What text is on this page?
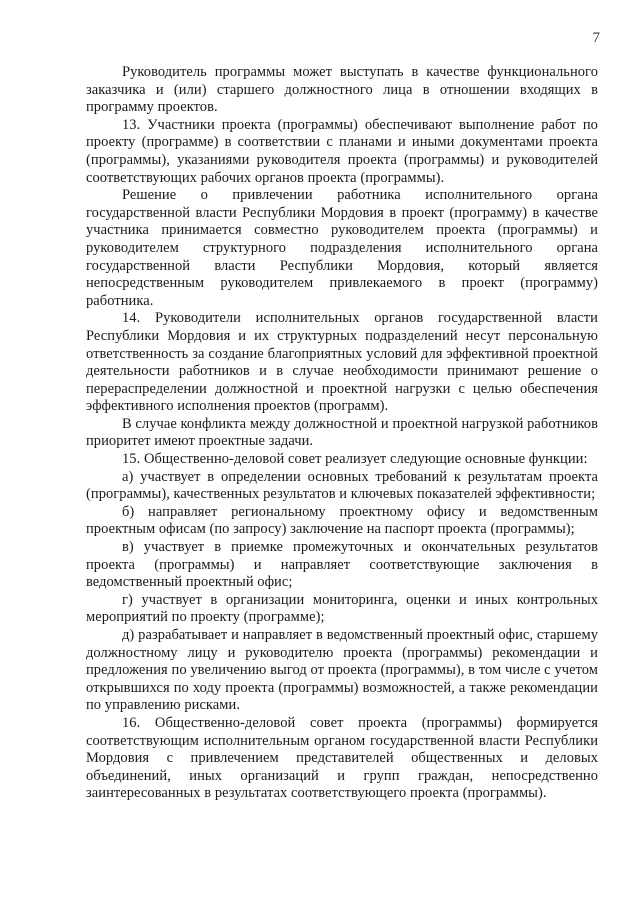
7

Руководитель программы может выступать в качестве функционального заказчика и (или) старшего должностного лица в отношении входящих в программу проектов.

13. Участники проекта (программы) обеспечивают выполнение работ по проекту (программе) в соответствии с планами и иными документами проекта (программы), указаниями руководителя проекта (программы) и руководителей соответствующих рабочих органов проекта (программы).

Решение о привлечении работника исполнительного органа государственной власти Республики Мордовия в проект (программу) в качестве участника принимается совместно руководителем проекта (программы) и руководителем структурного подразделения исполнительного органа государственной власти Республики Мордовия, который является непосредственным руководителем привлекаемого в проект (программу) работника.

14. Руководители исполнительных органов государственной власти Республики Мордовия и их структурных подразделений несут персональную ответственность за создание благоприятных условий для эффективной проектной деятельности работников и в случае необходимости принимают решение о перераспределении должностной и проектной нагрузки с целью обеспечения эффективного исполнения проектов (программ).

В случае конфликта между должностной и проектной нагрузкой работников приоритет имеют проектные задачи.

15. Общественно-деловой совет реализует следующие основные функции:

а) участвует в определении основных требований к результатам проекта (программы), качественных результатов и ключевых показателей эффективности;

б) направляет региональному проектному офису и ведомственным проектным офисам (по запросу) заключение на паспорт проекта (программы);

в) участвует в приемке промежуточных и окончательных результатов проекта (программы) и направляет соответствующие заключения в ведомственный проектный офис;

г) участвует в организации мониторинга, оценки и иных контрольных мероприятий по проекту (программе);

д) разрабатывает и направляет в ведомственный проектный офис, старшему должностному лицу и руководителю проекта (программы) рекомендации и предложения по увеличению выгод от проекта (программы), в том числе с учетом открывшихся по ходу проекта (программы) возможностей, а также рекомендации по управлению рисками.

16. Общественно-деловой совет проекта (программы) формируется соответствующим исполнительным органом государственной власти Республики Мордовия с привлечением представителей общественных и деловых объединений, иных организаций и групп граждан, непосредственно заинтересованных в результатах соответствующего проекта (программы).
